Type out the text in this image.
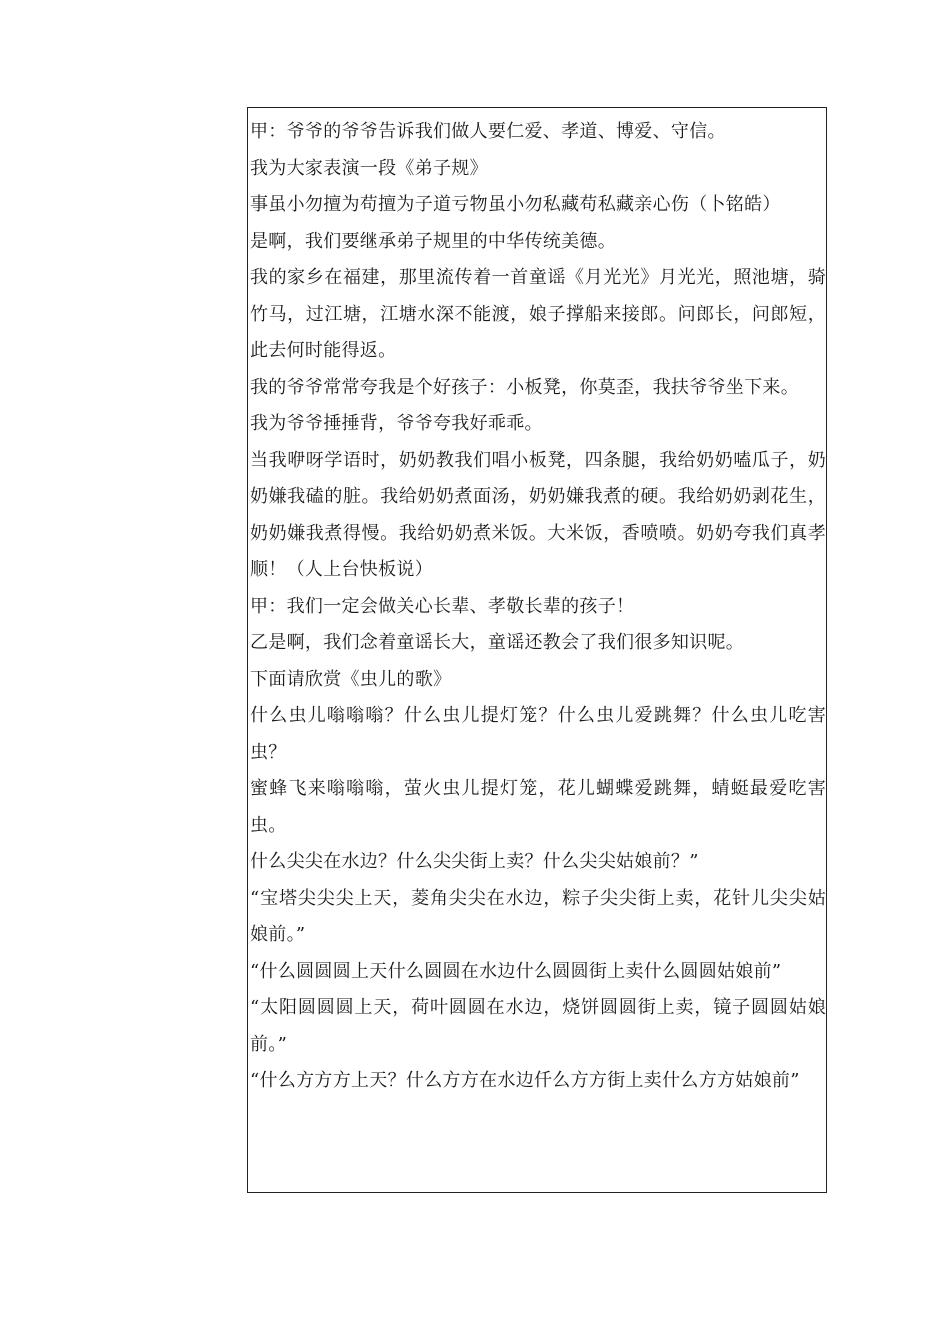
甲：爷爷的爷爷告诉我们做人要仁爱、孝道、博爱、守信。

我为大家表演一段《弟子规》

事虽小勿擅为苟擅为子道亏物虽小勿私藏苟私藏亲心伤（卜铭皓）

是啊，我们要继承弟子规里的中华传统美德。

我的家乡在福建，那里流传着一首童谣《月光光》月光光，照池塘，骑竹马，过江塘，江塘水深不能渡，娘子撑船来接郎。问郎长，问郎短，此去何时能得返。

我的爷爷常常夸我是个好孩子：小板凳，你莫歪，我扶爷爷坐下来。

我为爷爷捶捶背，爷爷夸我好乖乖。

当我咿呀学语时，奶奶教我们唱小板凳，四条腿，我给奶奶嗑瓜子，奶奶嫌我磕的脏。我给奶奶煮面汤，奶奶嫌我煮的硬。我给奶奶剥花生，奶奶嫌我煮得慢。我给奶奶煮米饭。大米饭，香喷喷。奶奶夸我们真孝顺！（人上台快板说）

甲：我们一定会做关心长辈、孝敬长辈的孩子！

乙是啊，我们念着童谣长大，童谣还教会了我们很多知识呢。

下面请欣赏《虫儿的歌》

什么虫儿嗡嗡嗡？什么虫儿提灯笼？什么虫儿爱跳舞？什么虫儿吃害虫？

蜜蜂飞来嗡嗡嗡，萤火虫儿提灯笼，花儿蝴蝶爱跳舞，蜻蜓最爱吃害虫。

什么尖尖在水边？什么尖尖街上卖？什么尖尖姑娘前？”

“宝塔尖尖尖上天，菱角尖尖在水边，粽子尖尖街上卖，花针儿尖尖姑娘前。”

“什么圆圆圆上天什么圆圆在水边什么圆圆街上卖什么圆圆姑娘前”

“太阳圆圆圆上天，荷叶圆圆在水边，烧饼圆圆街上卖，镜子圆圆姑娘前。”

“什么方方方上天？什么方方在水边仟么方方街上卖什么方方姑娘前”
